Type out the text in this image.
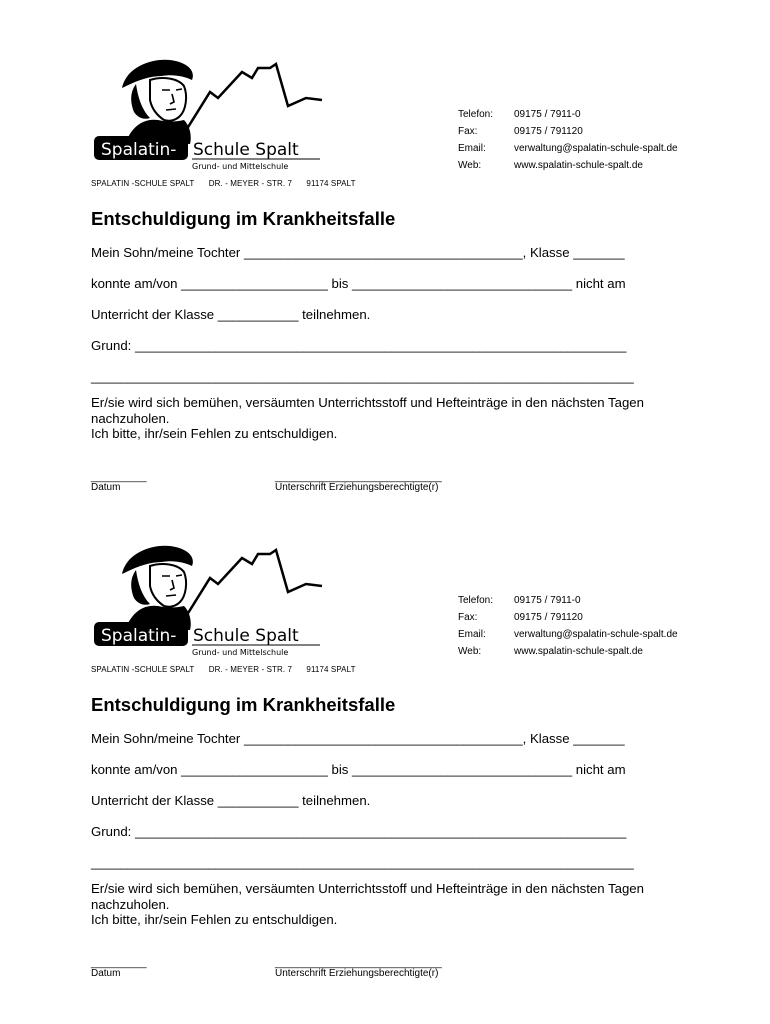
Spalatin- Schule Spalt
Grund- und Mittelschule
SPALATIN -SCHULE SPALT DR. - MEYER - STR. 7 91174 SPALT
Telefon:	09175 / 7911-0
Fax:	09175 / 791120
Email:	verwaltung@spalatin-schule-spalt.de
Web:	www.spalatin-schule-spalt.de
Entschuldigung im Krankheitsfalle
Mein Sohn/meine Tochter ______________________________________, Klasse _______
konnte am/von ____________________ bis ______________________________ nicht am
Unterricht der Klasse ___________ teilnehmen.
Grund: ___________________________________________________________________
__________________________________________________________________________

Er/sie wird sich bemühen, versäumten Unterrichtsstoff und Hefteinträge in den nächsten Tagen nachzuholen.

Ich bitte, ihr/sein Fehlen zu entschuldigen.

__________
Datum
______________________________
Unterschrift Erziehungsberechtigte(r)
Spalatin- Schule Spalt
Grund- und Mittelschule
SPALATIN -SCHULE SPALT DR. - MEYER - STR. 7 91174 SPALT
Telefon:	09175 / 7911-0
Fax:	09175 / 791120
Email:	verwaltung@spalatin-schule-spalt.de
Web:	www.spalatin-schule-spalt.de
Entschuldigung im Krankheitsfalle
Mein Sohn/meine Tochter ______________________________________, Klasse _______
konnte am/von ____________________ bis ______________________________ nicht am
Unterricht der Klasse ___________ teilnehmen.
Grund: ___________________________________________________________________
__________________________________________________________________________

Er/sie wird sich bemühen, versäumten Unterrichtsstoff und Hefteinträge in den nächsten Tagen nachzuholen.

Ich bitte, ihr/sein Fehlen zu entschuldigen.

__________
Datum
______________________________
Unterschrift Erziehungsberechtigte(r)
